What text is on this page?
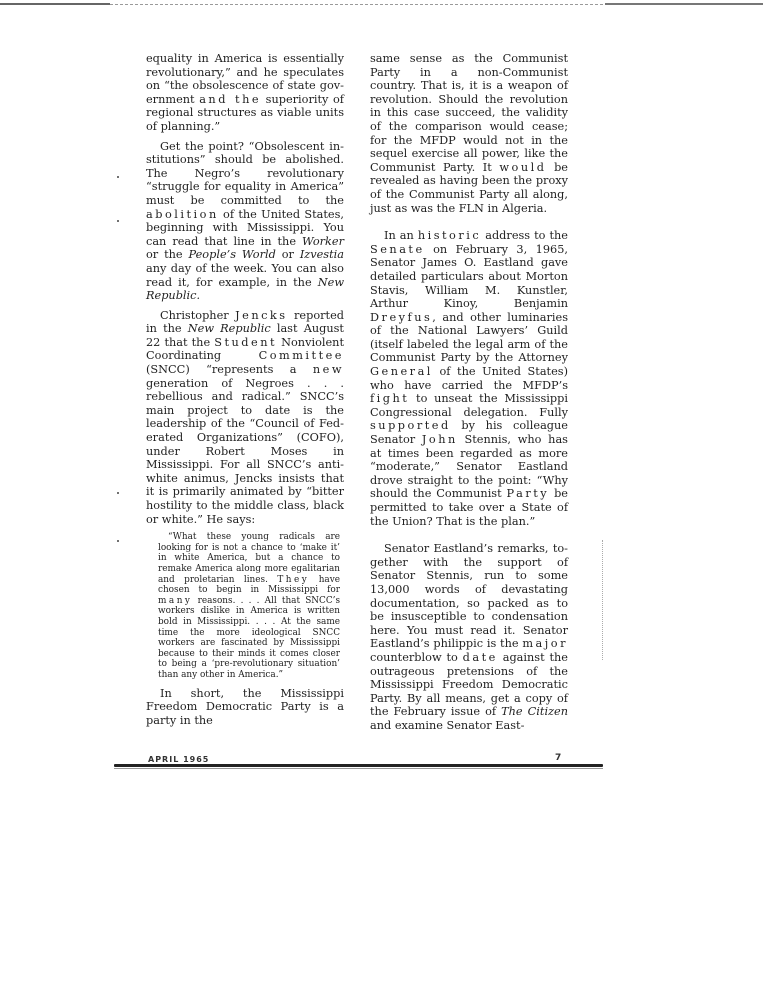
equality in America is essentially revolutionary,” and he speculates on “the obsolescence of state government and the superiority of regional structures as viable units of planning.”

Get the point? “Obsolescent institutions” should be abolished. The Negro’s revolutionary “struggle for equality in America” must be committed to the abolition of the United States, beginning with Mississippi. You can read that line in the Worker or the People’s World or Izvestia any day of the week. You can also read it, for example, in the New Republic.

Christopher Jencks reported in the New Republic last August 22 that the Student Nonviolent Coordinating Committee (SNCC) “represents a new generation of Negroes . . . rebellious and radical.” SNCC’s main project to date is the leadership of the “Council of Federated Organizations” (COFO), under Robert Moses in Mississippi. For all SNCC’s anti-white animus, Jencks insists that it is primarily animated by “bitter hostility to the middle class, black or white.” He says:

“What these young radicals are looking for is not a chance to ‘make it’ in white America, but a chance to remake America along more egalitarian and proletarian lines. They have chosen to begin in Mississippi for many reasons. . . . All that SNCC’s workers dislike in America is written bold in Mississippi. . . . At the same time the more ideological SNCC workers are fascinated by Mississippi because to their minds it comes closer to being a ‘pre-revolutionary situation’ than any other in America.”

In short, the Mississippi Freedom Democratic Party is a party in the

same sense as the Communist Party in a non-Communist country. That is, it is a weapon of revolution. Should the revolution in this case succeed, the validity of the comparison would cease; for the MFDP would not in the sequel exercise all power, like the Communist Party. It would be revealed as having been the proxy of the Communist Party all along, just as was the FLN in Algeria.

In an historic address to the Senate on February 3, 1965, Senator James O. Eastland gave detailed particulars about Morton Stavis, William M. Kunstler, Arthur Kinoy, Benjamin Dreyfus, and other luminaries of the National Lawyers’ Guild (itself labeled the legal arm of the Communist Party by the Attorney General of the United States) who have carried the MFDP’s fight to unseat the Mississippi Congressional delegation. Fully supported by his colleague Senator John Stennis, who has at times been regarded as more “moderate,” Senator Eastland drove straight to the point: “Why should the Communist Party be permitted to take over a State of the Union? That is the plan.”

Senator Eastland’s remarks, together with the support of Senator Stennis, run to some 13,000 words of devastating documentation, so packed as to be insusceptible to condensation here. You must read it. Senator Eastland’s philippic is the major counterblow to date against the outrageous pretensions of the Mississippi Freedom Democratic Party. By all means, get a copy of the February issue of The Citizen and examine Senator East-

APRIL 1965	7
